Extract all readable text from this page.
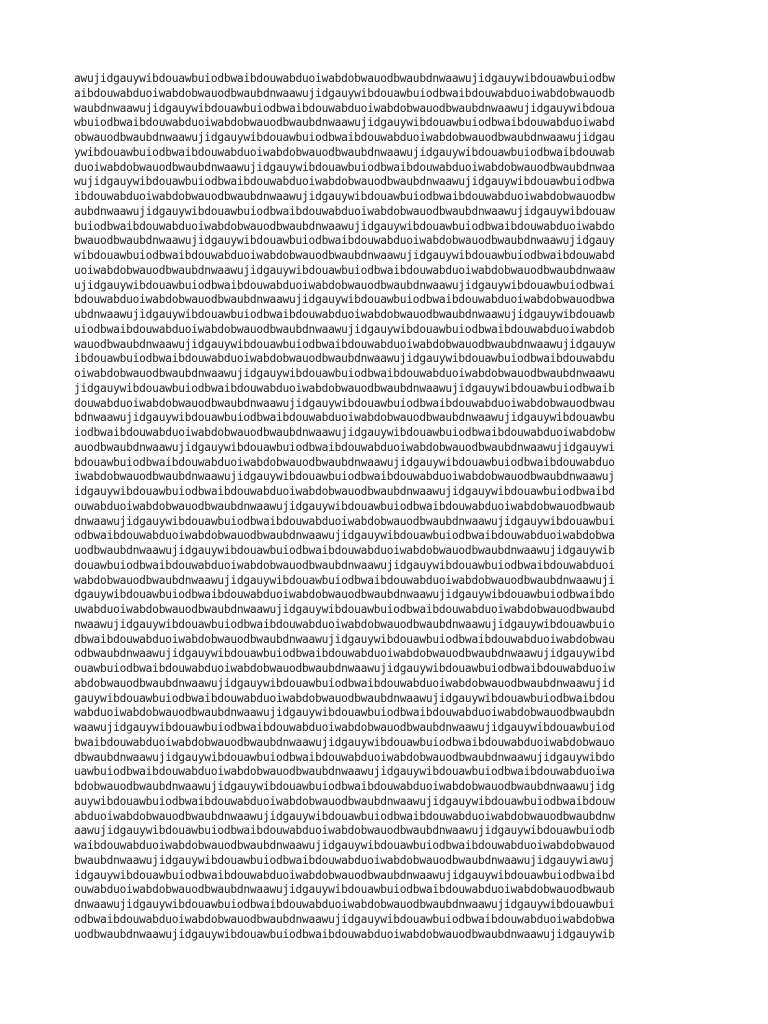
awujidgauywibdouawbuiodbwaibdouwabduoiwabdobwauodbwaubdnwaawujidgauywibdouawbuiodbw
aibdouwabduoiwabdobwauodbwaubdnwaawujidgauywibdouawbuiodbwaibdouwabduoiwabdobwauodb
waubdnwaawujidgauywibdouawbuiodbwaibdouwabduoiwabdobwauodbwaubdnwaawujidgauywibdoua
wbuiodbwaibdouwabduoiwabdobwauodbwaubdnwaawujidgauywibdouawbuiodbwaibdouwabduoiwabd
obwauodbwaubdnwaawujidgauywibdouawbuiodbwaibdouwabduoiwabdobwauodbwaubdnwaawujidgau
ywibdouawbuiodbwaibdouwabduoiwabdobwauodbwaubdnwaawujidgauywibdouawbuiodbwaibdouwab
duoiwabdobwauodbwaubdnwaawujidgauywibdouawbuiodbwaibdouwabduoiwabdobwauodbwaubdnwaa
wujidgauywibdouawbuiodbwaibdouwabduoiwabdobwauodbwaubdnwaawujidgauywibdouawbuiodbwa
ibdouwabduoiwabdobwauodbwaubdnwaawujidgauywibdouawbuiodbwaibdouwabduoiwabdobwauodbw
aubdnwaawujidgauywibdouawbuiodbwaibdouwabduoiwabdobwauodbwaubdnwaawujidgauywibdouaw
buiodbwaibdouwabduoiwabdobwauodbwaubdnwaawujidgauywibdouawbuiodbwaibdouwabduoiwabdo
bwauodbwaubdnwaawujidgauywibdouawbuiodbwaibdouwabduoiwabdobwauodbwaubdnwaawujidgauy
wibdouawbuiodbwaibdouwabduoiwabdobwauodbwaubdnwaawujidgauywibdouawbuiodbwaibdouwabd
uoiwabdobwauodbwaubdnwaawujidgauywibdouawbuiodbwaibdouwabduoiwabdobwauodbwaubdnwaaw
ujidgauywibdouawbuiodbwaibdouwabduoiwabdobwauodbwaubdnwaawujidgauywibdouawbuiodbwai
bdouwabduoiwabdobwauodbwaubdnwaawujidgauywibdouawbuiodbwaibdouwabduoiwabdobwauodbwa
ubdnwaawujidgauywibdouawbuiodbwaibdouwabduoiwabdobwauodbwaubdnwaawujidgauywibdouawb
uiodbwaibdouwabduoiwabdobwauodbwaubdnwaawujidgauywibdouawbuiodbwaibdouwabduoiwabdob
wauodbwaubdnwaawujidgauywibdouawbuiodbwaibdouwabduoiwabdobwauodbwaubdnwaawujidgauyw
ibdouawbuiodbwaibdouwabduoiwabdobwauodbwaubdnwaawujidgauywibdouawbuiodbwaibdouwabdu
oiwabdobwauodbwaubdnwaawujidgauywibdouawbuiodbwaibdouwabduoiwabdobwauodbwaubdnwaawu
jidgauywibdouawbuiodbwaibdouwabduoiwabdobwauodbwaubdnwaawujidgauywibdouawbuiodbwaib
douwabduoiwabdobwauodbwaubdnwaawujidgauywibdouawbuiodbwaibdouwabduoiwabdobwauodbwau
bdnwaawujidgauywibdouawbuiodbwaibdouwabduoiwabdobwauodbwaubdnwaawujidgauywibdouawbu
iodbwaibdouwabduoiwabdobwauodbwaubdnwaawujidgauywibdouawbuiodbwaibdouwabduoiwabdobw
auodbwaubdnwaawujidgauywibdouawbuiodbwaibdouwabduoiwabdobwauodbwaubdnwaawujidgauywi
bdouawbuiodbwaibdouwabduoiwabdobwauodbwaubdnwaawujidgauywibdouawbuiodbwaibdouwabduo
iwabdobwauodbwaubdnwaawujidgauywibdouawbuiodbwaibdouwabduoiwabdobwauodbwaubdnwaawuj
idgauywibdouawbuiodbwaibdouwabduoiwabdobwauodbwaubdnwaawujidgauywibdouawbuiodbwaibd
ouwabduoiwabdobwauodbwaubdnwaawujidgauywibdouawbuiodbwaibdouwabduoiwabdobwauodbwaub
dnwaawujidgauywibdouawbuiodbwaibdouwabduoiwabdobwauodbwaubdnwaawujidgauywibdouawbui
odbwaibdouwabduoiwabdobwauodbwaubdnwaawujidgauywibdouawbuiodbwaibdouwabduoiwabdobwa
uodbwaubdnwaawujidgauywibdouawbuiodbwaibdouwabduoiwabdobwauodbwaubdnwaawujidgauywib
douawbuiodbwaibdouwabduoiwabdobwauodbwaubdnwaawujidgauywibdouawbuiodbwaibdouwabduoi
wabdobwauodbwaubdnwaawujidgauywibdouawbuiodbwaibdouwabduoiwabdobwauodbwaubdnwaawuji
dgauywibdouawbuiodbwaibdouwabduoiwabdobwauodbwaubdnwaawujidgauywibdouawbuiodbwaibdo
uwabduoiwabdobwauodbwaubdnwaawujidgauywibdouawbuiodbwaibdouwabduoiwabdobwauodbwaubd
nwaawujidgauywibdouawbuiodbwaibdouwabduoiwabdobwauodbwaubdnwaawujidgauywibdouawbuio
dbwaibdouwabduoiwabdobwauodbwaubdnwaawujidgauywibdouawbuiodbwaibdouwabduoiwabdobwau
odbwaubdnwaawujidgauywibdouawbuiodbwaibdouwabduoiwabdobwauodbwaubdnwaawujidgauywibd
ouawbuiodbwaibdouwabduoiwabdobwauodbwaubdnwaawujidgauywibdouawbuiodbwaibdouwabduoiw
abdobwauodbwaubdnwaawujidgauywibdouawbuiodbwaibdouwabduoiwabdobwauodbwaubdnwaawujid
gauywibdouawbuiodbwaibdouwabduoiwabdobwauodbwaubdnwaawujidgauywibdouawbuiodbwaibdou
wabduoiwabdobwauodbwaubdnwaawujidgauywibdouawbuiodbwaibdouwabduoiwabdobwauodbwaubdn
waawujidgauywibdouawbuiodbwaibdouwabduoiwabdobwauodbwaubdnwaawujidgauywibdouawbuiod
bwaibdouwabduoiwabdobwauodbwaubdnwaawujidgauywibdouawbuiodbwaibdouwabduoiwabdobwauo
dbwaubdnwaawujidgauywibdouawbuiodbwaibdouwabduoiwabdobwauodbwaubdnwaawujidgauywibdo
uawbuiodbwaibdouwabduoiwabdobwauodbwaubdnwaawujidgauywibdouawbuiodbwaibdouwabduoiwa
bdobwauodbwaubdnwaawujidgauywibdouawbuiodbwaibdouwabduoiwabdobwauodbwaubdnwaawujidg
auywibdouawbuiodbwaibdouwabduoiwabdobwauodbwaubdnwaawujidgauywibdouawbuiodbwaibdouw
abduoiwabdobwauodbwaubdnwaawujidgauywibdouawbuiodbwaibdouwabduoiwabdobwauodbwaubdnw
aawujidgauywibdouawbuiodbwaibdouwabduoiwabdobwauodbwaubdnwaawujidgauywibdouawbuiodb
waibdouwabduoiwabdobwauodbwaubdnwaawujidgauywibdouawbuiodbwaibdouwabduoiwabdobwauod
bwaubdnwaawujidgauywibdouawbuiodbwaibdouwabduoiwabdobwauodbwaubdnwaawujidgauywiawuj
idgauywibdouawbuiodbwaibdouwabduoiwabdobwauodbwaubdnwaawujidgauywibdouawbuiodbwaibd
ouwabduoiwabdobwauodbwaubdnwaawujidgauywibdouawbuiodbwaibdouwabduoiwabdobwauodbwaub
dnwaawujidgauywibdouawbuiodbwaibdouwabduoiwabdobwauodbwaubdnwaawujidgauywibdouawbui
odbwaibdouwabduoiwabdobwauodbwaubdnwaawujidgauywibdouawbuiodbwaibdouwabduoiwabdobwa
uodbwaubdnwaawujidgauywibdouawbuiodbwaibdouwabduoiwabdobwauodbwaubdnwaawujidgauywib
